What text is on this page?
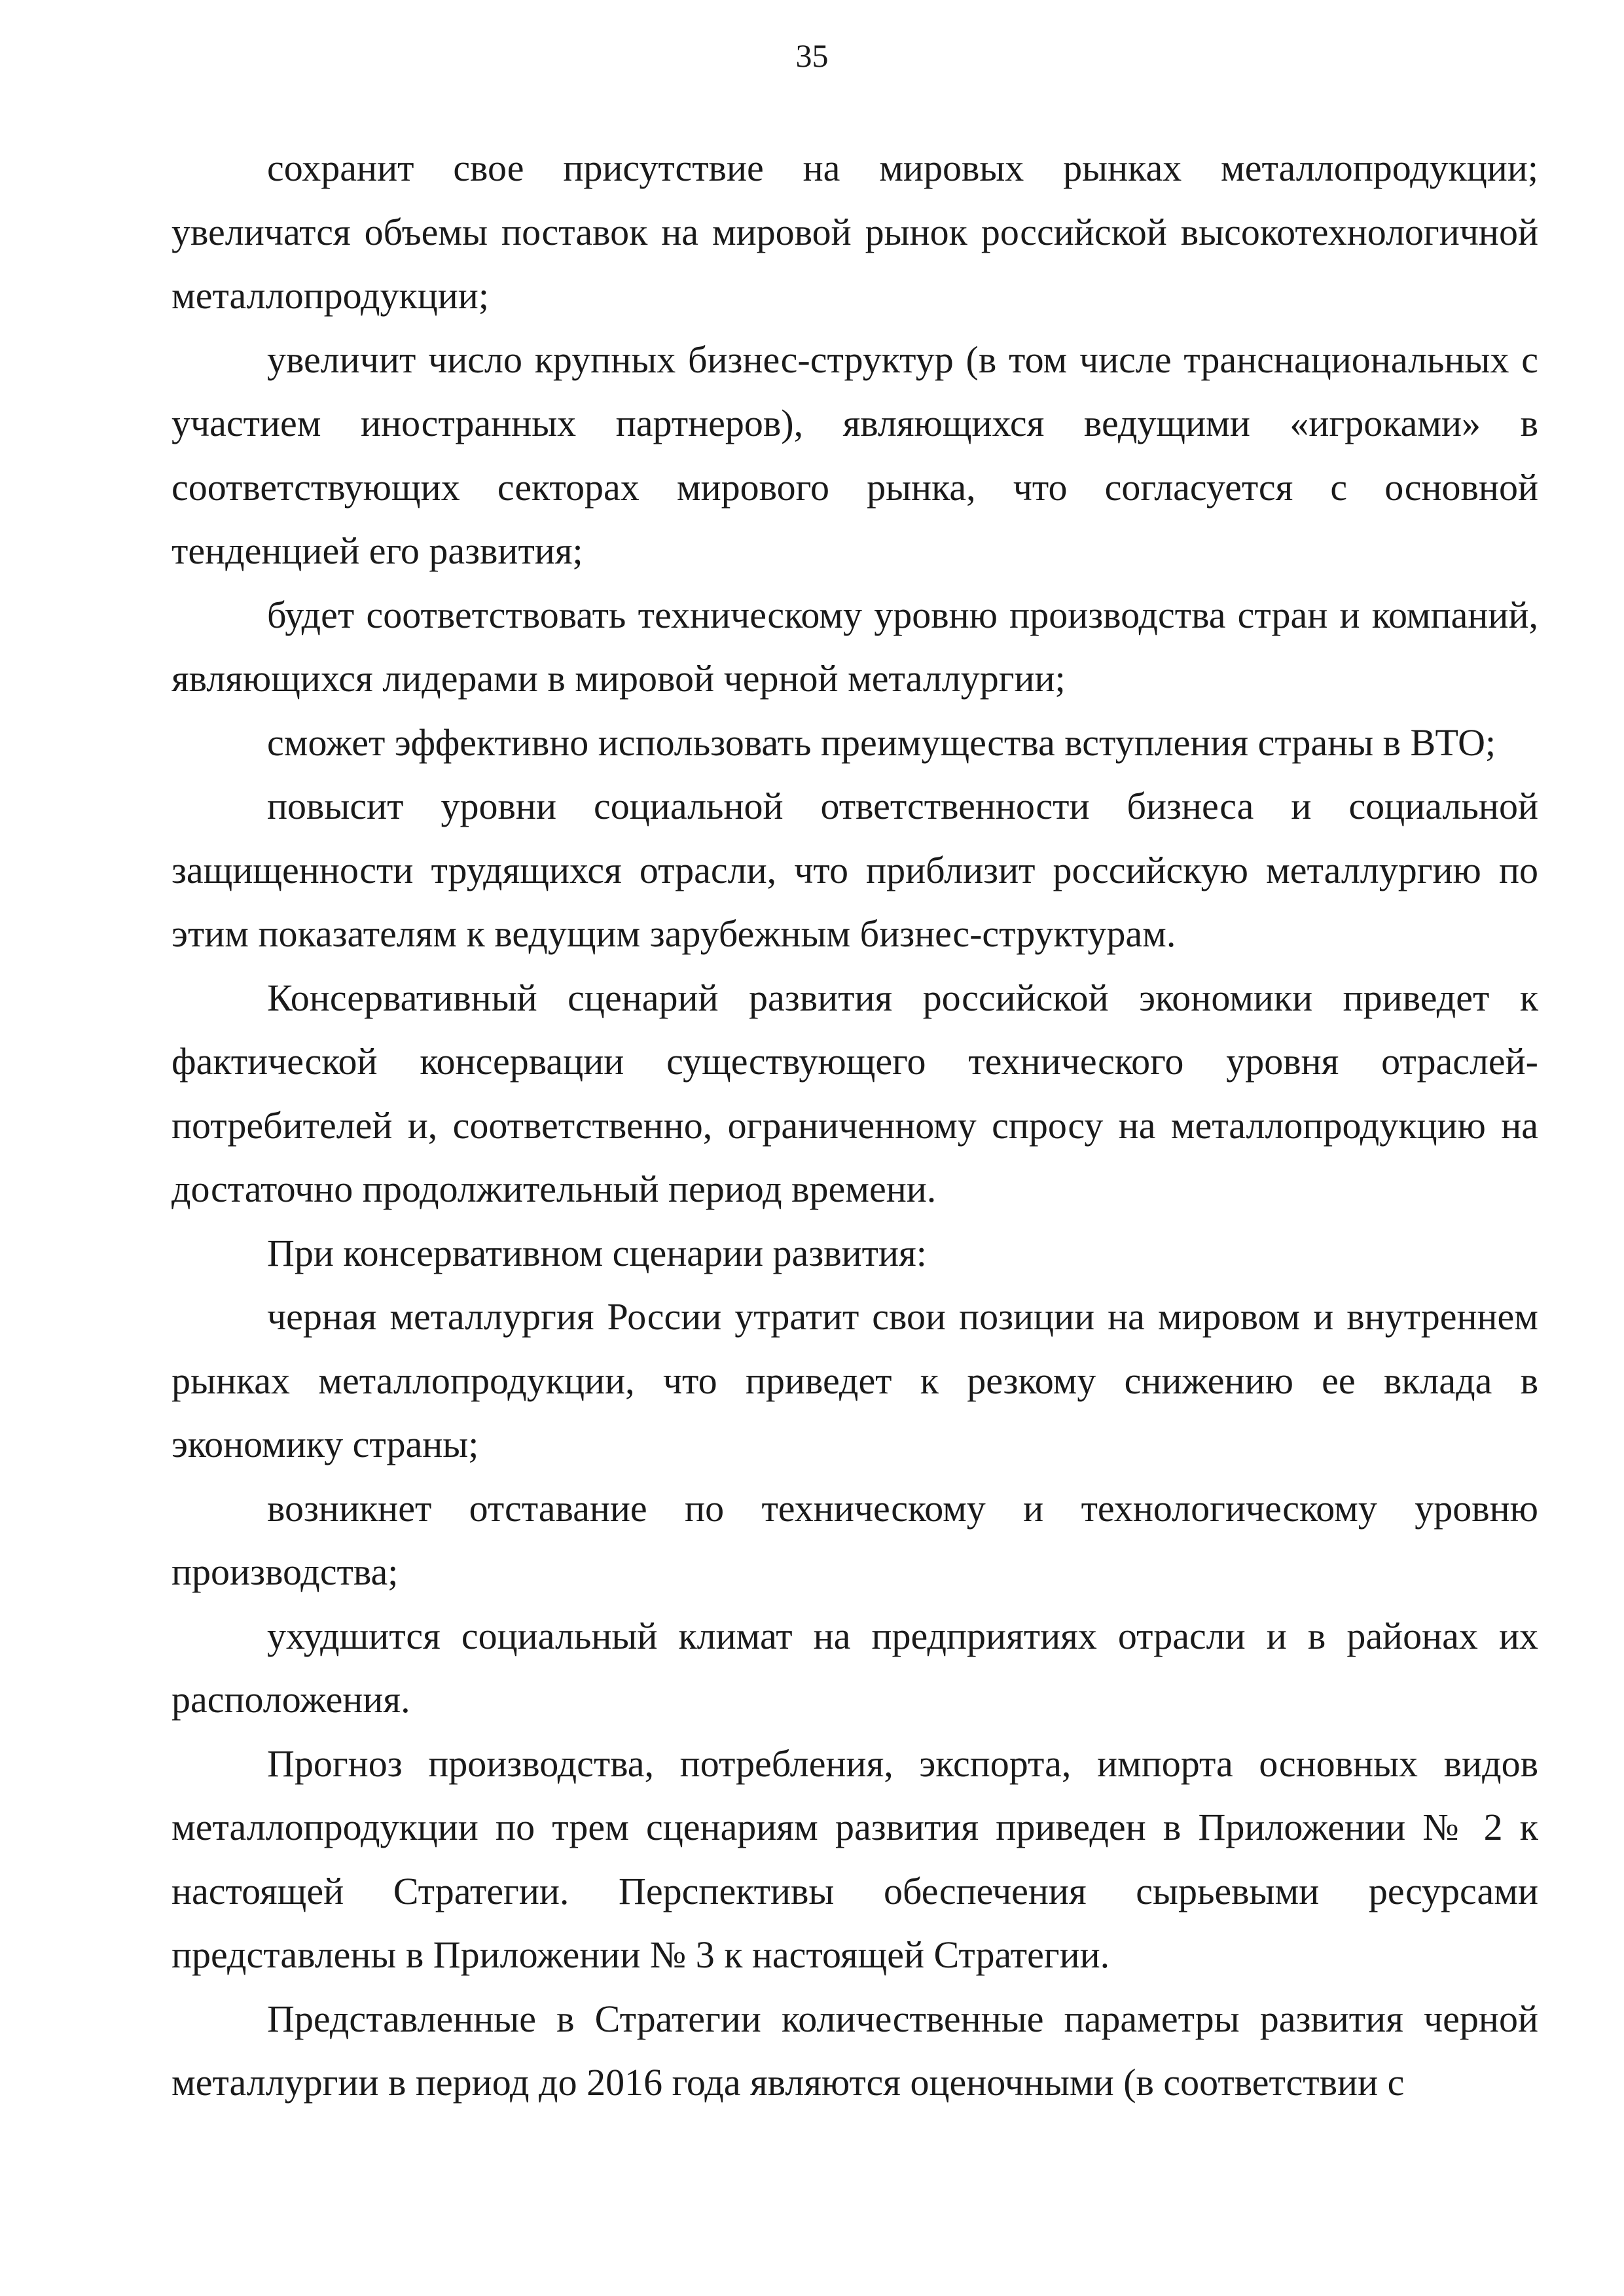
35

сохранит свое присутствие на мировых рынках металлопродукции; увеличатся объемы поставок на мировой рынок российской высокотехнологичной металлопродукции;

увеличит число крупных бизнес-структур (в том числе транснациональных с участием иностранных партнеров), являющихся ведущими «игроками» в соответствующих секторах мирового рынка, что согласуется с основной тенденцией его развития;

будет соответствовать техническому уровню производства стран и компаний, являющихся лидерами в мировой черной металлургии;

сможет эффективно использовать преимущества вступления страны в ВТО;

повысит уровни социальной ответственности бизнеса и социальной защищенности трудящихся отрасли, что приблизит российскую металлургию по этим показателям к ведущим зарубежным бизнес-структурам.

Консервативный сценарий развития российской экономики приведет к фактической консервации существующего технического уровня отраслей-потребителей и, соответственно, ограниченному спросу на металлопродукцию на достаточно продолжительный период времени.

При консервативном сценарии развития:

черная металлургия России утратит свои позиции на мировом и внутреннем рынках металлопродукции, что приведет к резкому снижению ее вклада в экономику страны;

возникнет отставание по техническому и технологическому уровню производства;

ухудшится социальный климат на предприятиях отрасли и в районах их расположения.

Прогноз производства, потребления, экспорта, импорта основных видов металлопродукции по трем сценариям развития приведен в Приложении № 2 к настоящей Стратегии. Перспективы обеспечения сырьевыми ресурсами представлены в Приложении № 3 к настоящей Стратегии.

Представленные в Стратегии количественные параметры развития черной металлургии в период до 2016 года являются оценочными (в соответствии с
